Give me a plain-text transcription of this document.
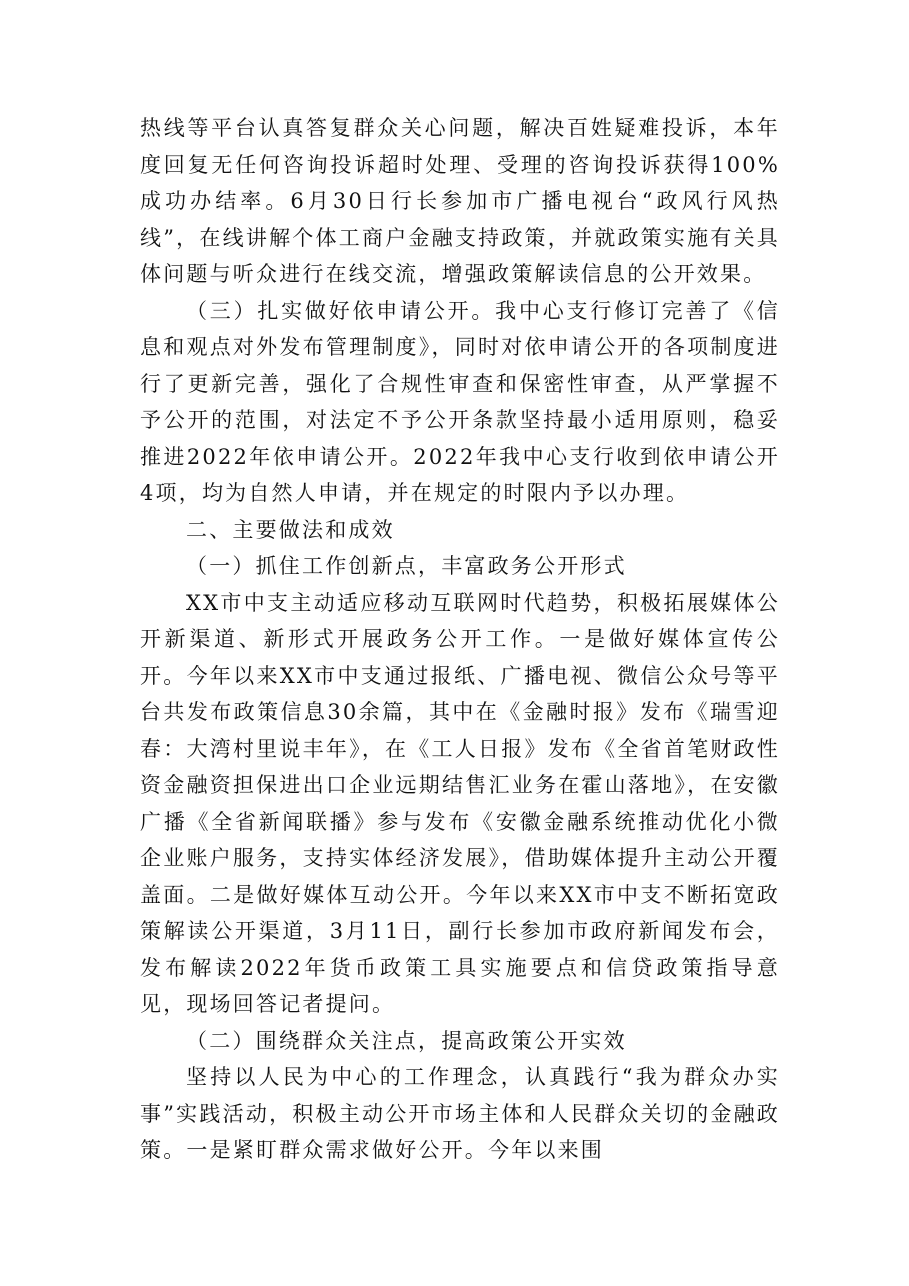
热线等平台认真答复群众关心问题，解决百姓疑难投诉，本年度回复无任何咨询投诉超时处理、受理的咨询投诉获得100%成功办结率。6月30日行长参加市广播电视台“政风行风热线”，在线讲解个体工商户金融支持政策，并就政策实施有关具体问题与听众进行在线交流，增强政策解读信息的公开效果。

（三）扎实做好依申请公开。我中心支行修订完善了《信息和观点对外发布管理制度》，同时对依申请公开的各项制度进行了更新完善，强化了合规性审查和保密性审查，从严掌握不予公开的范围，对法定不予公开条款坚持最小适用原则，稳妥推进2022年依申请公开。2022年我中心支行收到依申请公开4项，均为自然人申请，并在规定的时限内予以办理。

二、主要做法和成效

（一）抓住工作创新点，丰富政务公开形式

XX市中支主动适应移动互联网时代趋势，积极拓展媒体公开新渠道、新形式开展政务公开工作。一是做好媒体宣传公开。今年以来XX市中支通过报纸、广播电视、微信公众号等平台共发布政策信息30余篇，其中在《金融时报》发布《瑞雪迎春：大湾村里说丰年》，在《工人日报》发布《全省首笔财政性资金融资担保进出口企业远期结售汇业务在霍山落地》，在安徽广播《全省新闻联播》参与发布《安徽金融系统推动优化小微企业账户服务，支持实体经济发展》，借助媒体提升主动公开覆盖面。二是做好媒体互动公开。今年以来XX市中支不断拓宽政策解读公开渠道，3月11日，副行长参加市政府新闻发布会，发布解读2022年货币政策工具实施要点和信贷政策指导意见，现场回答记者提问。

（二）围绕群众关注点，提高政策公开实效

坚持以人民为中心的工作理念，认真践行“我为群众办实事”实践活动，积极主动公开市场主体和人民群众关切的金融政策。一是紧盯群众需求做好公开。今年以来围
